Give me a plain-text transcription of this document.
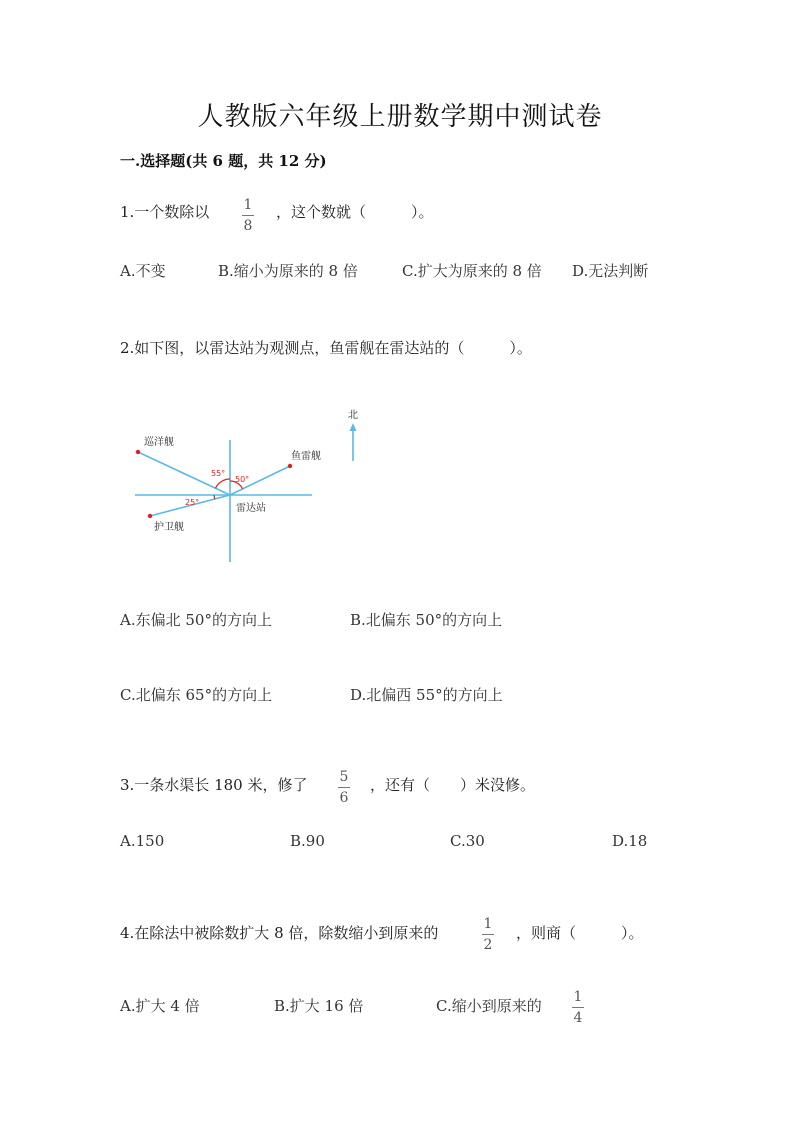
人教版六年级上册数学期中测试卷
一.选择题(共 6 题，共 12 分)
1.一个数除以 1
8
，这个数就（　　　）。
A.不变	B.缩小为原来的 8 倍	C.扩大为原来的 8 倍 D.无法判断
2.如下图，以雷达站为观测点，鱼雷舰在雷达站的（　　　）。
55°
50°
25°
巡洋舰
鱼雷舰
雷达站
护卫舰
北
A.东偏北 50°的方向上	B.北偏东 50°的方向上
C.北偏东 65°的方向上	D.北偏西 55°的方向上
3.一条水渠长 180 米，修了 5
6
，还有（　　）米没修。
A.150	B.90	C.30	D.18
4.在除法中被除数扩大 8 倍，除数缩小到原来的	1
2
，则商（　　　）。
A.扩大 4 倍	B.扩大 16 倍	C.缩小到原来的 1
4
